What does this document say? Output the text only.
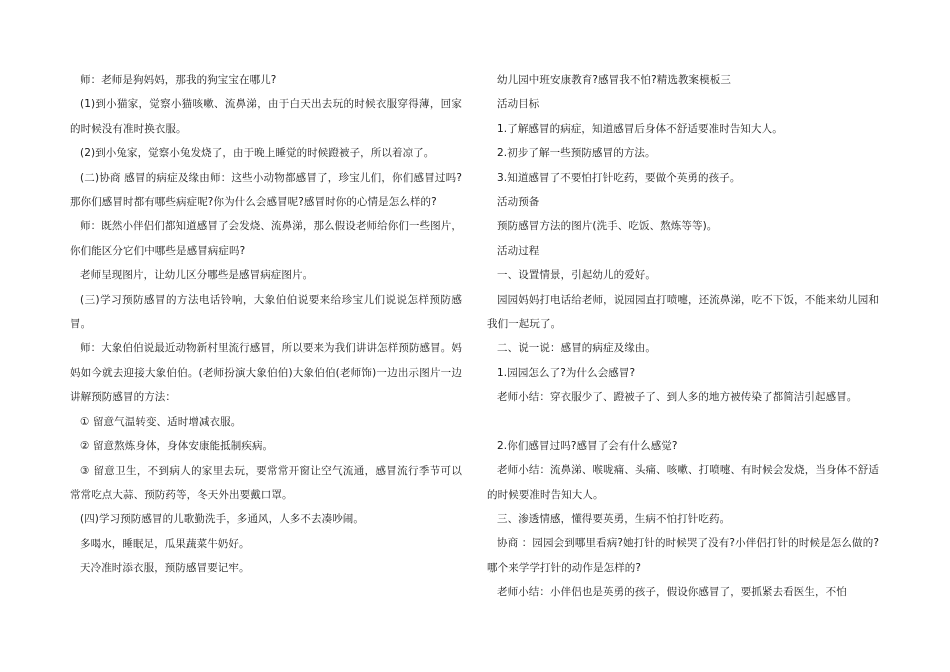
师：老师是狗妈妈，那我的狗宝宝在哪儿?

(1)到小猫家，觉察小猫咳嗽、流鼻涕，由于白天出去玩的时候衣服穿得薄，回家的时候没有准时换衣服。

(2)到小兔家，觉察小兔发烧了，由于晚上睡觉的时候蹬被子，所以着凉了。

(二)协商 感冒的病症及缘由师：这些小动物都感冒了，珍宝儿们，你们感冒过吗?那你们感冒时都有哪些病症呢?你为什么会感冒呢?感冒时你的心情是怎么样的?

师：既然小伴侣们都知道感冒了会发烧、流鼻涕，那么假设老师给你们一些图片，你们能区分它们中哪些是感冒病症吗?

老师呈现图片，让幼儿区分哪些是感冒病症图片。

(三)学习预防感冒的方法电话铃响，大象伯伯说要来给珍宝儿们说说怎样预防感冒。

师：大象伯伯说最近动物新村里流行感冒，所以要来为我们讲讲怎样预防感冒。妈妈如今就去迎接大象伯伯。(老师扮演大象伯伯)大象伯伯(老师饰)一边出示图片一边讲解预防感冒的方法：

① 留意气温转变、适时增减衣服。

② 留意熬炼身体，身体安康能抵制疾病。

③ 留意卫生，不到病人的家里去玩，要常常开窗让空气流通，感冒流行季节可以常常吃点大蒜、预防药等，冬天外出要戴口罩。

(四)学习预防感冒的儿歌勤洗手，多通风，人多不去凑吵闹。

多喝水，睡眠足，瓜果蔬菜牛奶好。

天冷准时添衣服，预防感冒要记牢。

幼儿园中班安康教育?感冒我不怕?精选教案模板三

活动目标

1.了解感冒的病症，知道感冒后身体不舒适要准时告知大人。

2.初步了解一些预防感冒的方法。

3.知道感冒了不要怕打针吃药，要做个英勇的孩子。

活动预备

预防感冒方法的图片(洗手、吃饭、熬炼等等)。

活动过程

一、设置情景，引起幼儿的爱好。

园园妈妈打电话给老师，说园园直打喷嚏，还流鼻涕，吃不下饭，不能来幼儿园和我们一起玩了。

二、说一说：感冒的病症及缘由。

1.园园怎么了?为什么会感冒?

老师小结：穿衣服少了、蹬被子了、到人多的地方被传染了都简洁引起感冒。

2.你们感冒过吗?感冒了会有什么感觉?

老师小结：流鼻涕、喉咙痛、头痛、咳嗽、打喷嚏、有时候会发烧，当身体不舒适的时候要准时告知大人。

三、渗透情感，懂得要英勇，生病不怕打针吃药。

协商 ：园园会到哪里看病?她打针的时候哭了没有?小伴侣打针的时候是怎么做的?哪个来学学打针的动作是怎样的?

老师小结：小伴侣也是英勇的孩子，假设你感冒了，要抓紧去看医生，不怕
